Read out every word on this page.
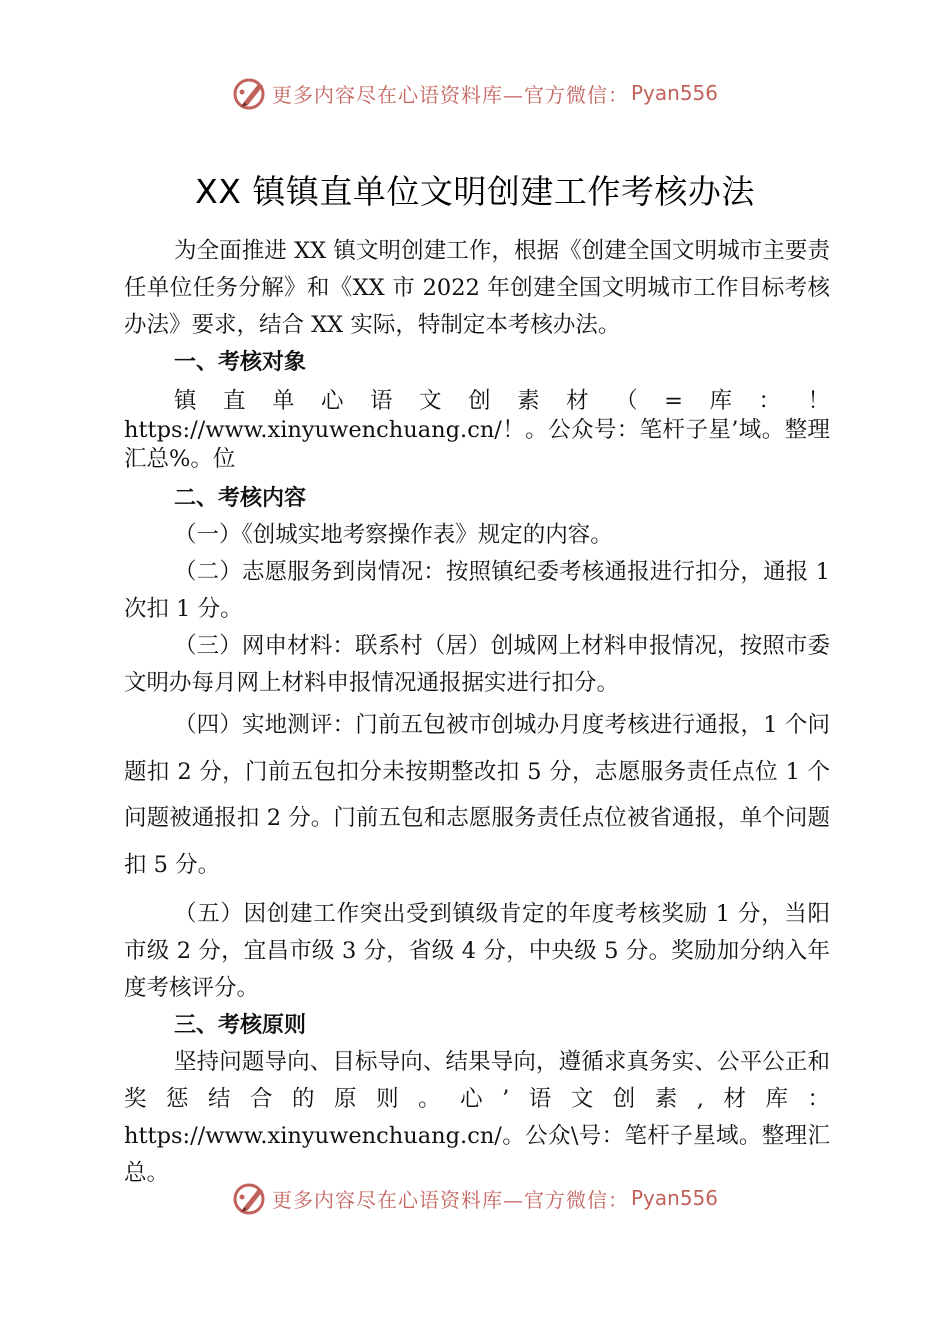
更多内容尽在心语资料库—官方微信： Pyan556
XX 镇镇直单位文明创建工作考核办法

为全面推进 XX 镇文明创建工作，根据《创建全国文明城市主要责任单位任务分解》和《XX 市 2022 年创建全国文明城市工作目标考核办法》要求，结合 XX 实际，特制定本考核办法。

一、考核对象

镇直单心语文创素材（=库：！https://www.xinyuwenchuang.cn/！。公众号：笔杆子星’域。整理汇总%。位

二、考核内容

（一）《创城实地考察操作表》规定的内容。

（二）志愿服务到岗情况：按照镇纪委考核通报进行扣分，通报 1 次扣 1 分。

（三）网申材料：联系村（居）创城网上材料申报情况，按照市委文明办每月网上材料申报情况通报据实进行扣分。

（四）实地测评：门前五包被市创城办月度考核进行通报，1 个问题扣 2 分，门前五包扣分未按期整改扣 5 分，志愿服务责任点位 1 个问题被通报扣 2 分。门前五包和志愿服务责任点位被省通报，单个问题扣 5 分。

（五）因创建工作突出受到镇级肯定的年度考核奖励 1 分，当阳市级 2 分，宜昌市级 3 分，省级 4 分，中央级 5 分。奖励加分纳入年度考核评分。

三、考核原则

坚持问题导向、目标导向、结果导向，遵循求真务实、公平公正和奖惩结合的原则。心’语文创素,材库：https://www.xinyuwenchuang.cn/。公众\号：笔杆子星域。整理汇总。

更多内容尽在心语资料库—官方微信： Pyan556
